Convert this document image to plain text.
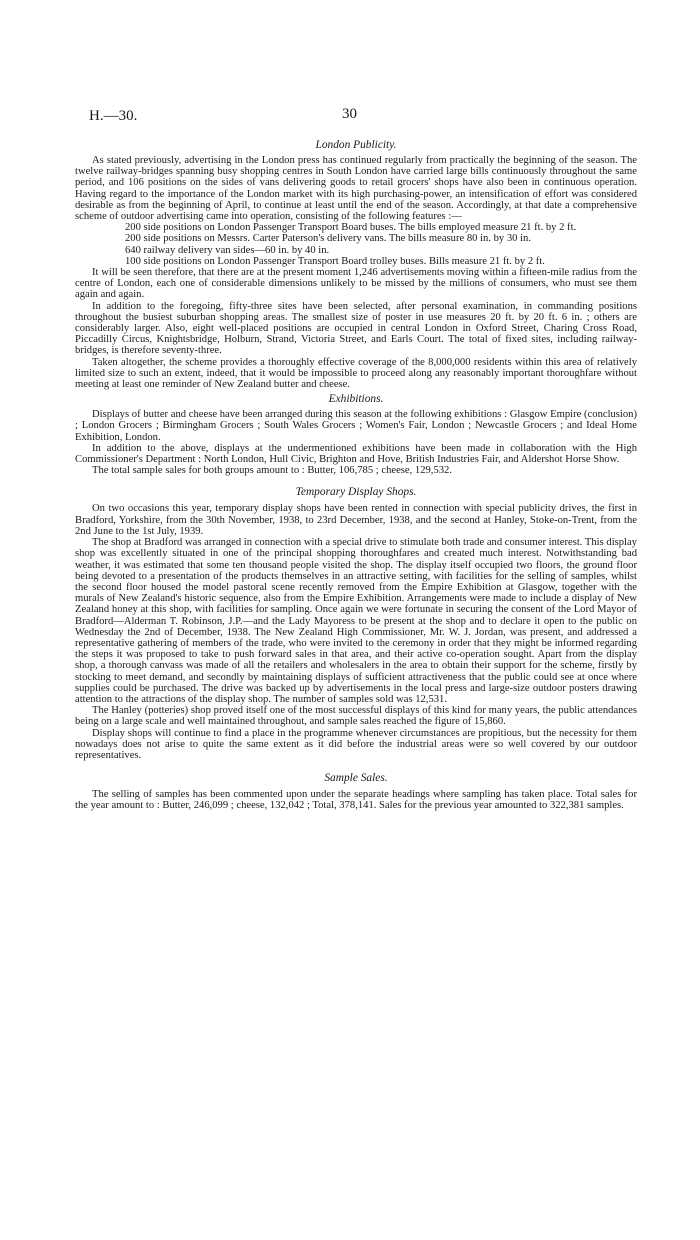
H.—30.	30
London Publicity.

As stated previously, advertising in the London press has continued regularly from practically the beginning of the season. The twelve railway-bridges spanning busy shopping centres in South London have carried large bills continuously throughout the same period, and 106 positions on the sides of vans delivering goods to retail grocers' shops have also been in continuous operation. Having regard to the importance of the London market with its high purchasing-power, an intensification of effort was considered desirable as from the beginning of April, to continue at least until the end of the season. Accordingly, at that date a comprehensive scheme of outdoor advertising came into operation, consisting of the following features :—

200 side positions on London Passenger Transport Board buses. The bills employed measure 21 ft. by 2 ft.
200 side positions on Messrs. Carter Paterson's delivery vans. The bills measure 80 in. by 30 in.
640 railway delivery van sides—60 in. by 40 in.
100 side positions on London Passenger Transport Board trolley buses. Bills measure 21 ft. by 2 ft.

It will be seen therefore, that there are at the present moment 1,246 advertisements moving within a fifteen-mile radius from the centre of London, each one of considerable dimensions unlikely to be missed by the millions of consumers, who must see them again and again.

In addition to the foregoing, fifty-three sites have been selected, after personal examination, in commanding positions throughout the busiest suburban shopping areas. The smallest size of poster in use measures 20 ft. by 20 ft. 6 in. ; others are considerably larger. Also, eight well-placed positions are occupied in central London in Oxford Street, Charing Cross Road, Piccadilly Circus, Knightsbridge, Holburn, Strand, Victoria Street, and Earls Court. The total of fixed sites, including railway-bridges, is therefore seventy-three.

Taken altogether, the scheme provides a thoroughly effective coverage of the 8,000,000 residents within this area of relatively limited size to such an extent, indeed, that it would be impossible to proceed along any reasonably important thoroughfare without meeting at least one reminder of New Zealand butter and cheese.

Exhibitions.

Displays of butter and cheese have been arranged during this season at the following exhibitions : Glasgow Empire (conclusion) ; London Grocers ; Birmingham Grocers ; South Wales Grocers ; Women's Fair, London ; Newcastle Grocers ; and Ideal Home Exhibition, London.

In addition to the above, displays at the undermentioned exhibitions have been made in collaboration with the High Commissioner's Department : North London, Hull Civic, Brighton and Hove, British Industries Fair, and Aldershot Horse Show.

The total sample sales for both groups amount to : Butter, 106,785 ; cheese, 129,532.

Temporary Display Shops.

On two occasions this year, temporary display shops have been rented in connection with special publicity drives, the first in Bradford, Yorkshire, from the 30th November, 1938, to 23rd December, 1938, and the second at Hanley, Stoke-on-Trent, from the 2nd June to the 1st July, 1939.

The shop at Bradford was arranged in connection with a special drive to stimulate both trade and consumer interest. This display shop was excellently situated in one of the principal shopping thoroughfares and created much interest. Notwithstanding bad weather, it was estimated that some ten thousand people visited the shop. The display itself occupied two floors, the ground floor being devoted to a presentation of the products themselves in an attractive setting, with facilities for the selling of samples, whilst the second floor housed the model pastoral scene recently removed from the Empire Exhibition at Glasgow, together with the murals of New Zealand's historic sequence, also from the Empire Exhibition. Arrangements were made to include a display of New Zealand honey at this shop, with facilities for sampling. Once again we were fortunate in securing the consent of the Lord Mayor of Bradford—Alderman T. Robinson, J.P.—and the Lady Mayoress to be present at the shop and to declare it open to the public on Wednesday the 2nd of December, 1938. The New Zealand High Commissioner, Mr. W. J. Jordan, was present, and addressed a representative gathering of members of the trade, who were invited to the ceremony in order that they might be informed regarding the steps it was proposed to take to push forward sales in that area, and their active co-operation sought. Apart from the display shop, a thorough canvass was made of all the retailers and wholesalers in the area to obtain their support for the scheme, firstly by stocking to meet demand, and secondly by maintaining displays of sufficient attractiveness that the public could see at once where supplies could be purchased. The drive was backed up by advertisements in the local press and large-size outdoor posters drawing attention to the attractions of the display shop. The number of samples sold was 12,531.

The Hanley (potteries) shop proved itself one of the most successful displays of this kind for many years, the public attendances being on a large scale and well maintained throughout, and sample sales reached the figure of 15,860.

Display shops will continue to find a place in the programme whenever circumstances are propitious, but the necessity for them nowadays does not arise to quite the same extent as it did before the industrial areas were so well covered by our outdoor representatives.

Sample Sales.

The selling of samples has been commented upon under the separate headings where sampling has taken place. Total sales for the year amount to : Butter, 246,099 ; cheese, 132,042 ; Total, 378,141. Sales for the previous year amounted to 322,381 samples.
